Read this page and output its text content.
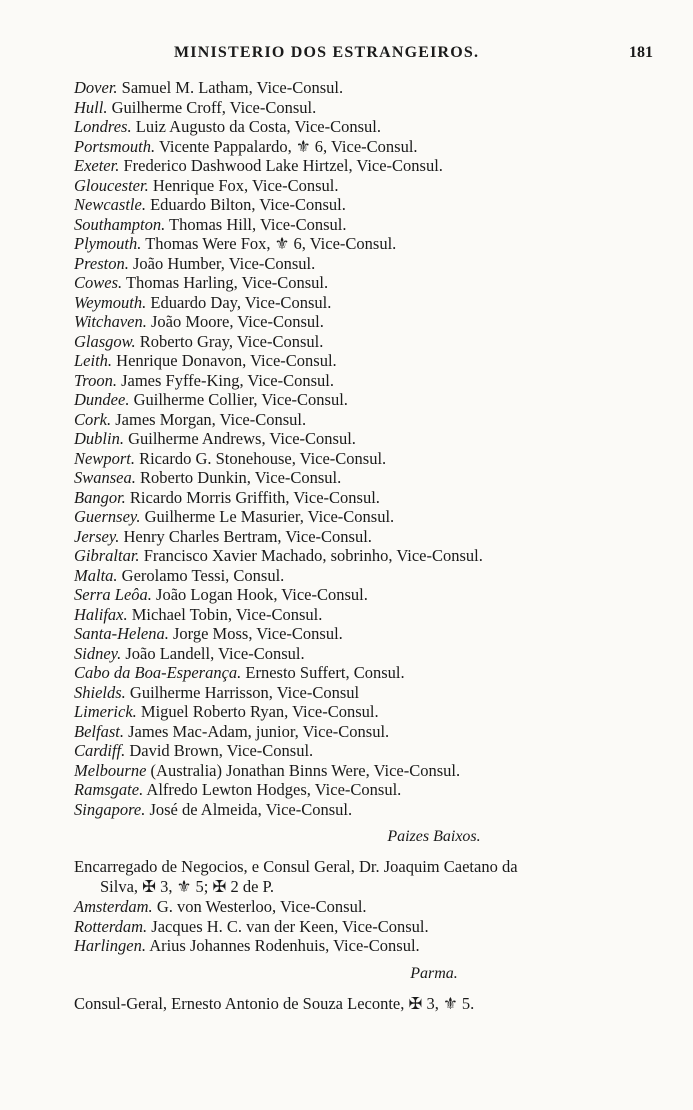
MINISTERIO DOS ESTRANGEIROS.	181
Dover. Samuel M. Latham, Vice-Consul.
Hull. Guilherme Croff, Vice-Consul.
Londres. Luiz Augusto da Costa, Vice-Consul.
Portsmouth. Vicente Pappalardo, ⚜ 6, Vice-Consul.
Exeter. Frederico Dashwood Lake Hirtzel, Vice-Consul.
Gloucester. Henrique Fox, Vice-Consul.
Newcastle. Eduardo Bilton, Vice-Consul.
Southampton. Thomas Hill, Vice-Consul.
Plymouth. Thomas Were Fox, ⚜ 6, Vice-Consul.
Preston. João Humber, Vice-Consul.
Cowes. Thomas Harling, Vice-Consul.
Weymouth. Eduardo Day, Vice-Consul.
Witchaven. João Moore, Vice-Consul.
Glasgow. Roberto Gray, Vice-Consul.
Leith. Henrique Donavon, Vice-Consul.
Troon. James Fyffe-King, Vice-Consul.
Dundee. Guilherme Collier, Vice-Consul.
Cork. James Morgan, Vice-Consul.
Dublin. Guilherme Andrews, Vice-Consul.
Newport. Ricardo G. Stonehouse, Vice-Consul.
Swansea. Roberto Dunkin, Vice-Consul.
Bangor. Ricardo Morris Griffith, Vice-Consul.
Guernsey. Guilherme Le Masurier, Vice-Consul.
Jersey. Henry Charles Bertram, Vice-Consul.
Gibraltar. Francisco Xavier Machado, sobrinho, Vice-Consul.
Malta. Gerolamo Tessi, Consul.
Serra Leôa. João Logan Hook, Vice-Consul.
Halifax. Michael Tobin, Vice-Consul.
Santa-Helena. Jorge Moss, Vice-Consul.
Sidney. João Landell, Vice-Consul.
Cabo da Boa-Esperança. Ernesto Suffert, Consul.
Shields. Guilherme Harrisson, Vice-Consul
Limerick. Miguel Roberto Ryan, Vice-Consul.
Belfast. James Mac-Adam, junior, Vice-Consul.
Cardiff. David Brown, Vice-Consul.
Melbourne (Australia) Jonathan Binns Were, Vice-Consul.
Ramsgate. Alfredo Lewton Hodges, Vice-Consul.
Singapore. José de Almeida, Vice-Consul.
Paizes Baixos.
Encarregado de Negocios, e Consul Geral, Dr. Joaquim Caetano da
Silva, ✠ 3, ⚜ 5; ✠ 2 de P.
Amsterdam. G. von Westerloo, Vice-Consul.
Rotterdam. Jacques H. C. van der Keen, Vice-Consul.
Harlingen. Arius Johannes Rodenhuis, Vice-Consul.
Parma.
Consul-Geral, Ernesto Antonio de Souza Leconte, ✠ 3, ⚜ 5.
